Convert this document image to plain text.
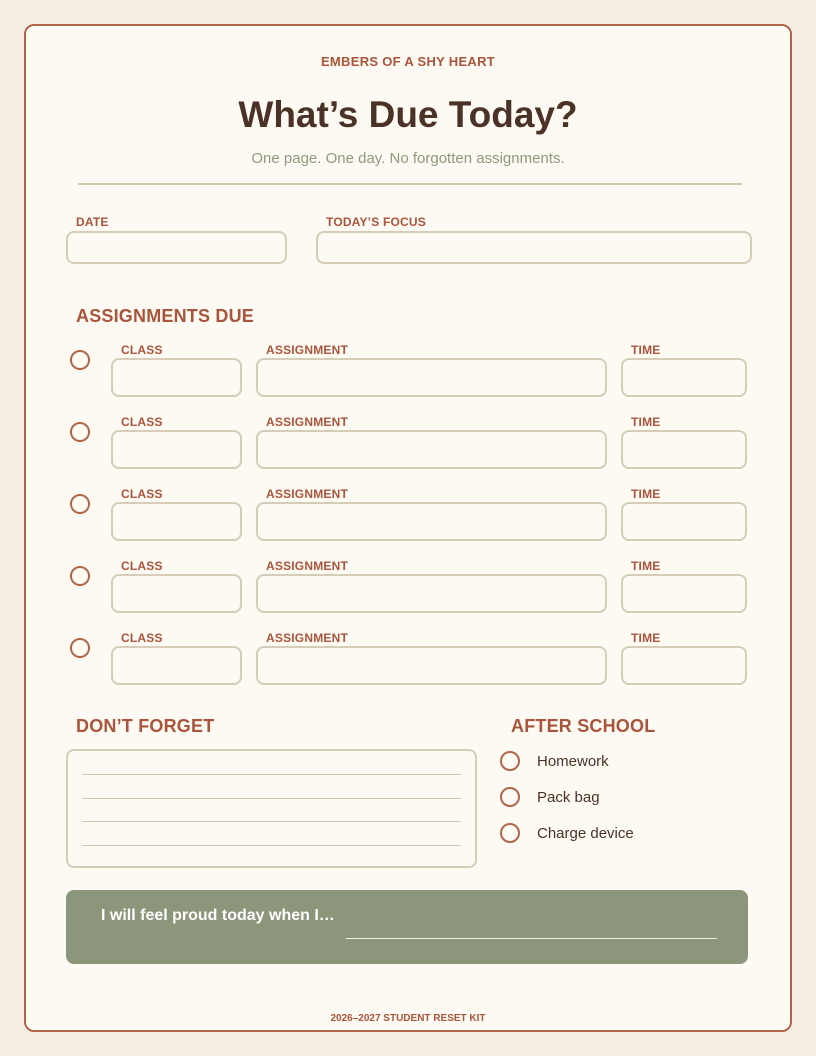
EMBERS OF A SHY HEART
What’s Due Today?
One page. One day. No forgotten assignments.
DATE	TODAY’S FOCUS
ASSIGNMENTS DUE
CLASS	ASSIGNMENT	TIME
CLASS	ASSIGNMENT	TIME
CLASS	ASSIGNMENT	TIME
CLASS	ASSIGNMENT	TIME
CLASS	ASSIGNMENT	TIME
DON’T FORGET	AFTER SCHOOL
Homework
Pack bag
Charge device
I will feel proud today when I…
2026–2027 STUDENT RESET KIT
